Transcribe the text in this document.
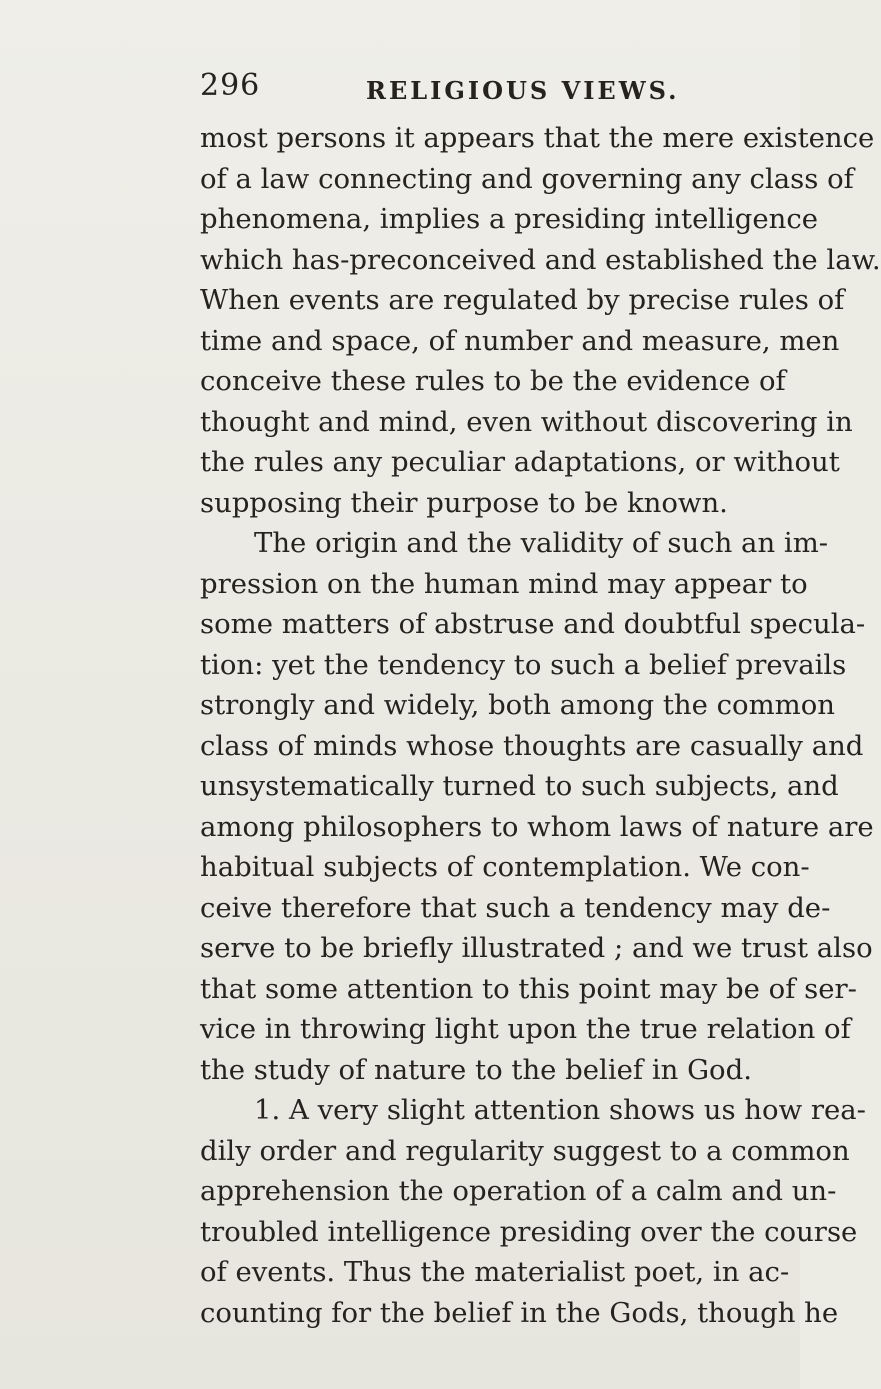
296	RELIGIOUS VIEWS.
most persons it appears that the mere existence
of a law connecting and governing any class of
phenomena, implies a presiding intelligence
which has-preconceived and established the law.
When events are regulated by precise rules of
time and space, of number and measure, men
conceive these rules to be the evidence of
thought and mind, even without discovering in
the rules any peculiar adaptations, or without
supposing their purpose to be known.
The origin and the validity of such an im-
pression on the human mind may appear to
some matters of abstruse and doubtful specula-
tion: yet the tendency to such a belief prevails
strongly and widely, both among the common
class of minds whose thoughts are casually and
unsystematically turned to such subjects, and
among philosophers to whom laws of nature are
habitual subjects of contemplation. We con-
ceive therefore that such a tendency may de-
serve to be briefly illustrated ; and we trust also
that some attention to this point may be of ser-
vice in throwing light upon the true relation of
the study of nature to the belief in God.
1. A very slight attention shows us how rea-
dily order and regularity suggest to a common
apprehension the operation of a calm and un-
troubled intelligence presiding over the course
of events. Thus the materialist poet, in ac-
counting for the belief in the Gods, though he
